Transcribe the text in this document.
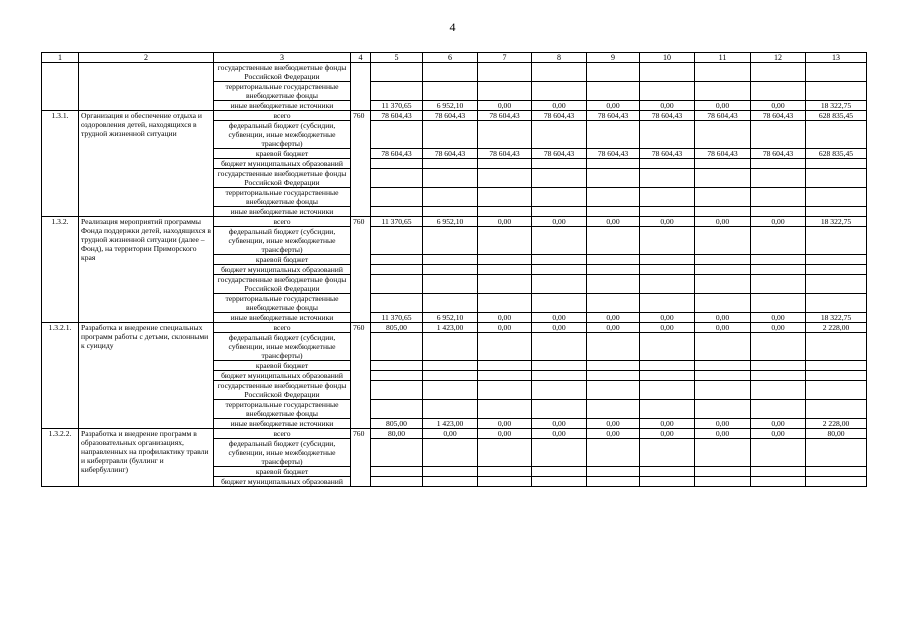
4
1	2	3	4	5	6	7	8	9	10	11	12	13
		государственные внебюджетные фонды Российской Федерации										
		территориальные государственные внебюджетные фонды										
		иные внебюджетные источники		11 370,65	6 952,10	0,00	0,00	0,00	0,00	0,00	0,00	18 322,75
1.3.1.	Организация и обеспечение отдыха и оздоровления детей, находящихся в трудной жизненной ситуации	всего	760	78 604,43	78 604,43	78 604,43	78 604,43	78 604,43	78 604,43	78 604,43	78 604,43	628 835,45
		федеральный бюджет (субсидии, субвенции, иные межбюджетные трансферты)										
		краевой бюджет		78 604,43	78 604,43	78 604,43	78 604,43	78 604,43	78 604,43	78 604,43	78 604,43	628 835,45
		бюджет муниципальных образований										
		государственные внебюджетные фонды Российской Федерации										
		территориальные государственные внебюджетные фонды										
		иные внебюджетные источники										
1.3.2.	Реализация мероприятий программы Фонда поддержки детей, находящихся в трудной жизненной ситуации (далее – Фонд), на территории Приморского края	всего	760	11 370,65	6 952,10	0,00	0,00	0,00	0,00	0,00	0,00	18 322,75
		федеральный бюджет (субсидии, субвенции, иные межбюджетные трансферты)										
		краевой бюджет										
		бюджет муниципальных образований										
		государственные внебюджетные фонды Российской Федерации										
		территориальные государственные внебюджетные фонды										
		иные внебюджетные источники		11 370,65	6 952,10	0,00	0,00	0,00	0,00	0,00	0,00	18 322,75
1.3.2.1.	Разработка и внедрение специальных программ работы с детьми, склонными к суициду	всего	760	805,00	1 423,00	0,00	0,00	0,00	0,00	0,00	0,00	2 228,00
		федеральный бюджет (субсидии, субвенции, иные межбюджетные трансферты)										
		краевой бюджет										
		бюджет муниципальных образований										
		государственные внебюджетные фонды Российской Федерации										
		территориальные государственные внебюджетные фонды										
		иные внебюджетные источники		805,00	1 423,00	0,00	0,00	0,00	0,00	0,00	0,00	2 228,00
1.3.2.2.	Разработка и внедрение программ в образовательных организациях, направленных на профилактику травли и кибертравли (буллинг и кибербуллинг)	всего	760	80,00	0,00	0,00	0,00	0,00	0,00	0,00	0,00	80,00
		федеральный бюджет (субсидии, субвенции, иные межбюджетные трансферты)										
		краевой бюджет										
		бюджет муниципальных образований										
